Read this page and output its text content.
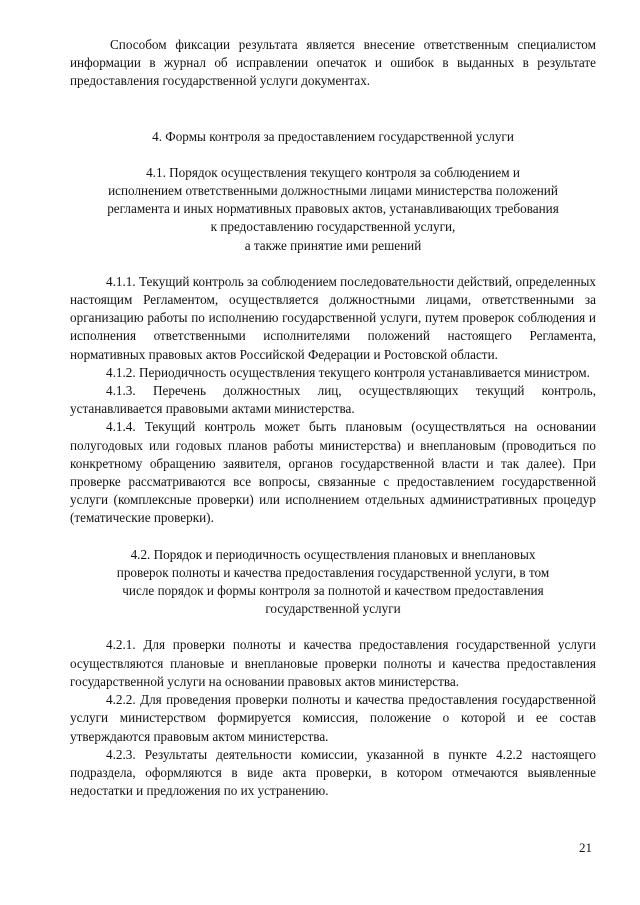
Способом фиксации результата является внесение ответственным специалистом информации в журнал об исправлении опечаток и ошибок в выданных в результате предоставления государственной услуги документах.

4. Формы контроля за предоставлением государственной услуги

4.1. Порядок осуществления текущего контроля за соблюдением и
исполнением ответственными должностными лицами министерства положений
регламента и иных нормативных правовых актов, устанавливающих требования
к предоставлению государственной услуги,
а также принятие ими решений

4.1.1. Текущий контроль за соблюдением последовательности действий, определенных настоящим Регламентом, осуществляется должностными лицами, ответственными за организацию работы по исполнению государственной услуги, путем проверок соблюдения и исполнения ответственными исполнителями положений настоящего Регламента, нормативных правовых актов Российской Федерации и Ростовской области.

4.1.2. Периодичность осуществления текущего контроля устанавливается министром.

4.1.3. Перечень должностных лиц, осуществляющих текущий контроль, устанавливается правовыми актами министерства.

4.1.4. Текущий контроль может быть плановым (осуществляться на основании полугодовых или годовых планов работы министерства) и внеплановым (проводиться по конкретному обращению заявителя, органов государственной власти и так далее). При проверке рассматриваются все вопросы, связанные с предоставлением государственной услуги (комплексные проверки) или исполнением отдельных административных процедур (тематические проверки).

4.2. Порядок и периодичность осуществления плановых и внеплановых
проверок полноты и качества предоставления государственной услуги, в том
числе порядок и формы контроля за полнотой и качеством предоставления
государственной услуги

4.2.1. Для проверки полноты и качества предоставления государственной услуги осуществляются плановые и внеплановые проверки полноты и качества предоставления государственной услуги на основании правовых актов министерства.

4.2.2. Для проведения проверки полноты и качества предоставления государственной услуги министерством формируется комиссия, положение о которой и ее состав утверждаются правовым актом министерства.

4.2.3. Результаты деятельности комиссии, указанной в пункте 4.2.2 настоящего подраздела, оформляются в виде акта проверки, в котором отмечаются выявленные недостатки и предложения по их устранению.

21
